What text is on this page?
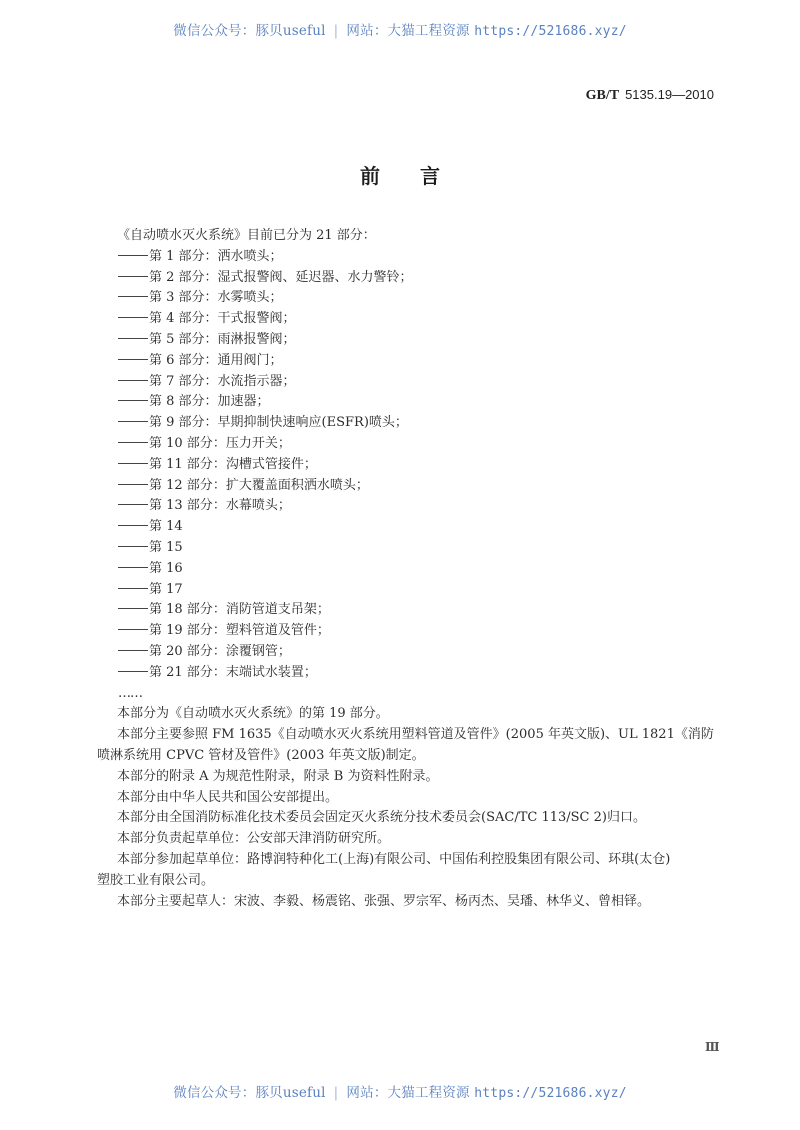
微信公众号：豚贝useful | 网站：大猫工程资源 https://521686.xyz/
GB/T 5135.19—2010
前言
《自动喷水灭火系统》目前已分为 21 部分：
第 1 部分：洒水喷头；
第 2 部分：湿式报警阀、延迟器、水力警铃；
第 3 部分：水雾喷头；
第 4 部分：干式报警阀；
第 5 部分：雨淋报警阀；
第 6 部分：通用阀门；
第 7 部分：水流指示器；
第 8 部分：加速器；
第 9 部分：早期抑制快速响应(ESFR)喷头；
第 10 部分：压力开关；
第 11 部分：沟槽式管接件；
第 12 部分：扩大覆盖面积洒水喷头；
第 13 部分：水幕喷头；
第 14
第 15
第 16
第 17
第 18 部分：消防管道支吊架；
第 19 部分：塑料管道及管件；
第 20 部分：涂覆钢管；
第 21 部分：末端试水装置；
……
本部分为《自动喷水灭火系统》的第 19 部分。
本部分主要参照 FM 1635《自动喷水灭火系统用塑料管道及管件》(2005 年英文版)、UL 1821《消防
喷淋系统用 CPVC 管材及管件》(2003 年英文版)制定。
本部分的附录 A 为规范性附录，附录 B 为资料性附录。
本部分由中华人民共和国公安部提出。
本部分由全国消防标准化技术委员会固定灭火系统分技术委员会(SAC/TC 113/SC 2)归口。
本部分负责起草单位：公安部天津消防研究所。
本部分参加起草单位：路博润特种化工(上海)有限公司、中国佑利控股集团有限公司、环琪(太仓)
塑胶工业有限公司。
本部分主要起草人：宋波、李毅、杨震铭、张强、罗宗军、杨丙杰、吴璠、林华义、曾相铎。
Ⅲ
微信公众号：豚贝useful | 网站：大猫工程资源 https://521686.xyz/
